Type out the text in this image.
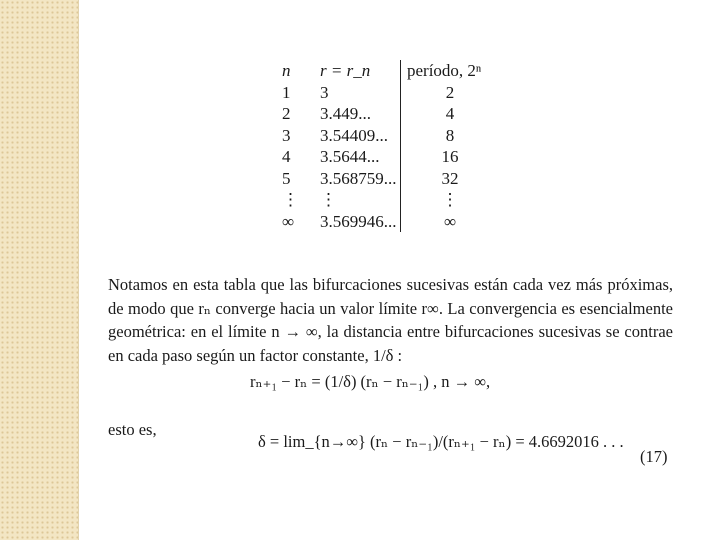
n	r = r_n	período, 2ⁿ
1	3	2
2	3.449...	4
3	3.54409...	8
4	3.5644...	16
5	3.568759...	32
⋮	⋮	⋮
∞	3.569946...	∞

Notamos en esta tabla que las bifurcaciones sucesivas están cada vez más próximas, de modo que rₙ converge hacia un valor límite r∞. La convergencia es esencialmente geométrica: en el límite n → ∞, la distancia entre bifurcaciones sucesivas se contrae en cada paso según un factor constante, 1/δ :

rₙ₊₁ − rₙ = (1/δ) (rₙ − rₙ₋₁) , n → ∞,
esto es,
δ = lim_{n→∞} (rₙ − rₙ₋₁)/(rₙ₊₁ − rₙ) = 4.6692016 . . .
(17)
